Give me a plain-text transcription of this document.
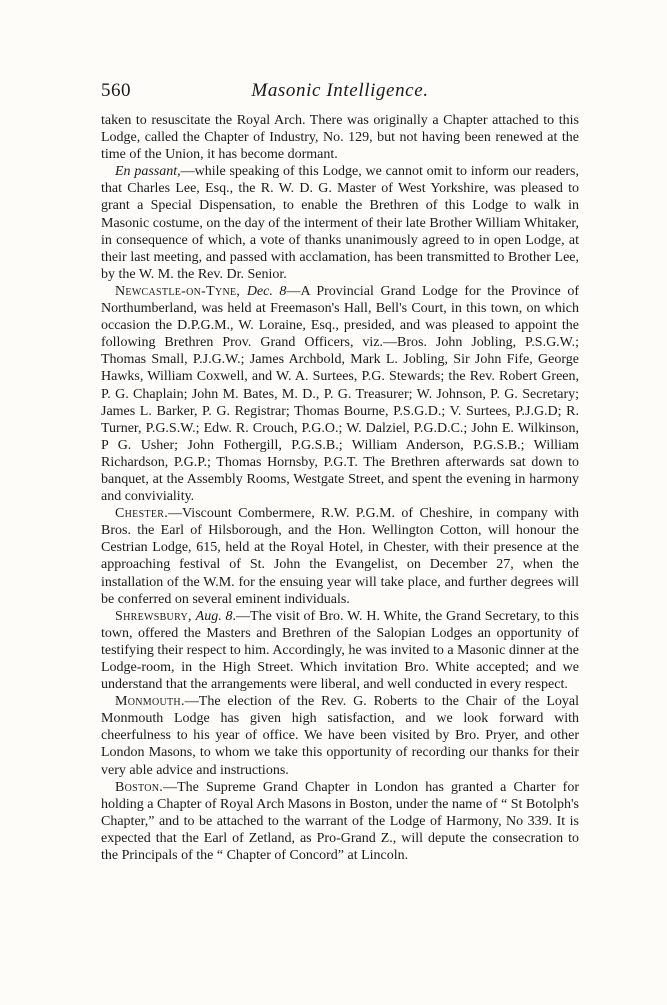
560	Masonic Intelligence.

taken to resuscitate the Royal Arch. There was originally a Chapter attached to this Lodge, called the Chapter of Industry, No. 129, but not having been renewed at the time of the Union, it has become dormant.

En passant,—while speaking of this Lodge, we cannot omit to inform our readers, that Charles Lee, Esq., the R. W. D. G. Master of West Yorkshire, was pleased to grant a Special Dispensation, to enable the Brethren of this Lodge to walk in Masonic costume, on the day of the interment of their late Brother William Whitaker, in consequence of which, a vote of thanks unanimously agreed to in open Lodge, at their last meeting, and passed with acclamation, has been transmitted to Brother Lee, by the W. M. the Rev. Dr. Senior.

Newcastle-on-Tyne, Dec. 8—A Provincial Grand Lodge for the Province of Northumberland, was held at Freemason's Hall, Bell's Court, in this town, on which occasion the D.P.G.M., W. Loraine, Esq., presided, and was pleased to appoint the following Brethren Prov. Grand Officers, viz.—Bros. John Jobling, P.S.G.W.; Thomas Small, P.J.G.W.; James Archbold, Mark L. Jobling, Sir John Fife, George Hawks, William Coxwell, and W. A. Surtees, P.G. Stewards; the Rev. Robert Green, P. G. Chaplain; John M. Bates, M. D., P. G. Treasurer; W. Johnson, P. G. Secretary; James L. Barker, P. G. Registrar; Thomas Bourne, P.S.G.D.; V. Surtees, P.J.G.D; R. Turner, P.G.S.W.; Edw. R. Crouch, P.G.O.; W. Dalziel, P.G.D.C.; John E. Wilkinson, P G. Usher; John Fothergill, P.G.S.B.; William Anderson, P.G.S.B.; William Richardson, P.G.P.; Thomas Hornsby, P.G.T. The Brethren afterwards sat down to banquet, at the Assembly Rooms, Westgate Street, and spent the evening in harmony and conviviality.

Chester.—Viscount Combermere, R.W. P.G.M. of Cheshire, in company with Bros. the Earl of Hilsborough, and the Hon. Wellington Cotton, will honour the Cestrian Lodge, 615, held at the Royal Hotel, in Chester, with their presence at the approaching festival of St. John the Evangelist, on December 27, when the installation of the W.M. for the ensuing year will take place, and further degrees will be conferred on several eminent individuals.

Shrewsbury, Aug. 8.—The visit of Bro. W. H. White, the Grand Secretary, to this town, offered the Masters and Brethren of the Salopian Lodges an opportunity of testifying their respect to him. Accordingly, he was invited to a Masonic dinner at the Lodge-room, in the High Street. Which invitation Bro. White accepted; and we understand that the arrangements were liberal, and well conducted in every respect.

Monmouth.—The election of the Rev. G. Roberts to the Chair of the Loyal Monmouth Lodge has given high satisfaction, and we look forward with cheerfulness to his year of office. We have been visited by Bro. Pryer, and other London Masons, to whom we take this opportunity of recording our thanks for their very able advice and instructions.

Boston.—The Supreme Grand Chapter in London has granted a Charter for holding a Chapter of Royal Arch Masons in Boston, under the name of “ St Botolph's Chapter,” and to be attached to the warrant of the Lodge of Harmony, No 339. It is expected that the Earl of Zetland, as Pro-Grand Z., will depute the consecration to the Principals of the “ Chapter of Concord” at Lincoln.
